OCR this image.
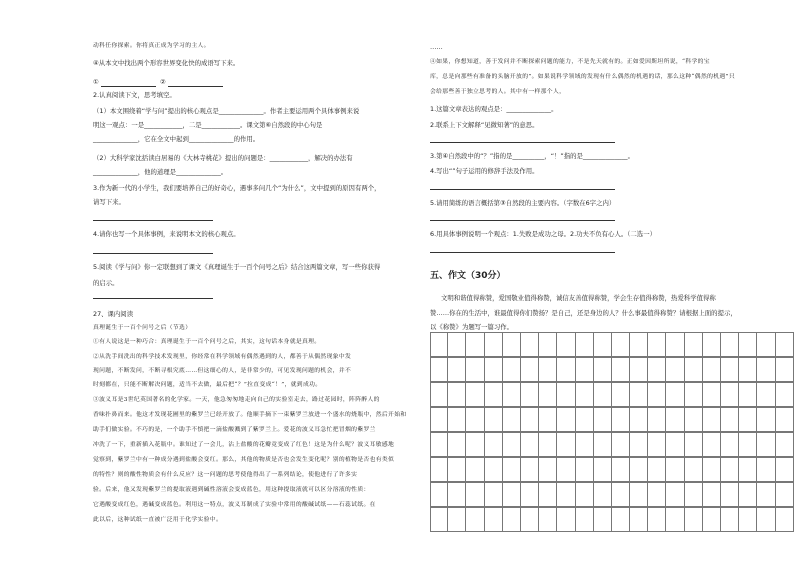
动科任你探索。你将真正成为学习的主人。
④从本文中找出两个形容世界变化快的成语写下来。
①	②
2.认真阅读下文，思考填空。
（1）本文围绕着“学与问”提出的核心观点是______________。作者主要运用两个具体事例来说
明这一观点：一是____________，二是____________。课文第⑥自然段的中心句是
______________，它在全文中起到______________的作用。
（2）大科学家沈括读白居易的《大林寺桃花》提出的问题是：____________，解决的办法有
______________，他的道理是______________。
3.作为新一代的小学生，我们要培养自己的好奇心，遇事多问几个“为什么”，文中提到的原因有两个，
请写下来。
4.请你也写一个具体事例，来说明本文的核心观点。
5.阅读《学与问》你一定联想到了课文《真理诞生于一百个问号之后》结合这两篇文章，写一些你获得
的启示。
27、课内阅读
真理诞生于一百个问号之后（节选）
①有人说这是一种巧合：真理诞生于一百个问号之后，其实，这句话本身就是真理。
②从洗手间洗出的科学技术发现里，你经常在科学领域有偶然遇到的人，都善于从偶然现象中发
现问题，不断发问，不断寻根究底……但这细心的人，是非常少的，可见发现问题的机会，并不
时刻都在，只能不断解决问题，适当不去做，最后把“？”拉直变成“！”，就到成功。
③波义耳是3世纪英国著名的化学家。一天，他急匆匆地走向自己的实验室走去，路过花园时，阵阵醉人的
香味扑鼻而来。他这才发现花圃里的紫罗兰已经开放了。他顺手摘下一束紫罗兰放进一个盛水的烧瓶中，然后开始和
助手们做实验。不巧的是，一个助手不慎把一滴盐酸溅到了紫罗兰上。爱花的波义耳急忙把冒烟的紫罗兰
冲洗了一下，重新插入花瓶中。谁知过了一会儿，沾上盐酸的花瓣竟变成了红色！这是为什么呢？波义耳敏感地
觉察到，紫罗兰中有一种成分遇到盐酸会变红。那么，其他的物质是否也会发生变化呢？别的植物是否也有类似
的特性？则的酸性物质会有什么反应？这一问题的思考使他得出了一系列结论，使他进行了许多实
验。后来，他又发现紫罗兰的提取液遇到碱性溶液会变成蓝色，用这种提取液就可以区分溶液的性质：
它遇酸变成红色，遇碱变成蓝色。利用这一特点，波义耳制成了实验中常用的酸碱试纸——石蕊试纸。在
此以后，这种试纸一直被广泛用于化学实验中。
……
④如果，你想知道，善于发问并不断探索问题的能力，不是先天就有的。正如爱因斯坦所说，“科学的宝
库，总是向那些有准备的头脑开放的”。如果说科学领域的发现有什么偶然的机遇的话，那么这种“偶然的机遇”只
会给那些善于独立思考的人。其中有一样那个人，
1.这篇文章表达的观点是：______________。
2.联系上下文解释“见微知著”的意思。
3.第④自然段中的“？”指的是__________，“！”指的是______________。
4.写出“”句子运用的修辞手法及作用。
5.请用简练的语言概括第③自然段的主要内容。（字数在6字之内）
6.用具体事例说明一个观点：1.失败是成功之母。2.功夫不负有心人。（二选一）
五、作文（30分）
文明和谐值得称赞，爱国敬业值得称赞，诚信友善值得称赞，学会生存值得称赞，热爱科学值得称
赞……你在的生活中，谁最值得你们赞扬？是自己，还是身边的人？什么事最值得称赞？请根据上面的提示，
以《称赞》为题写一篇习作。
